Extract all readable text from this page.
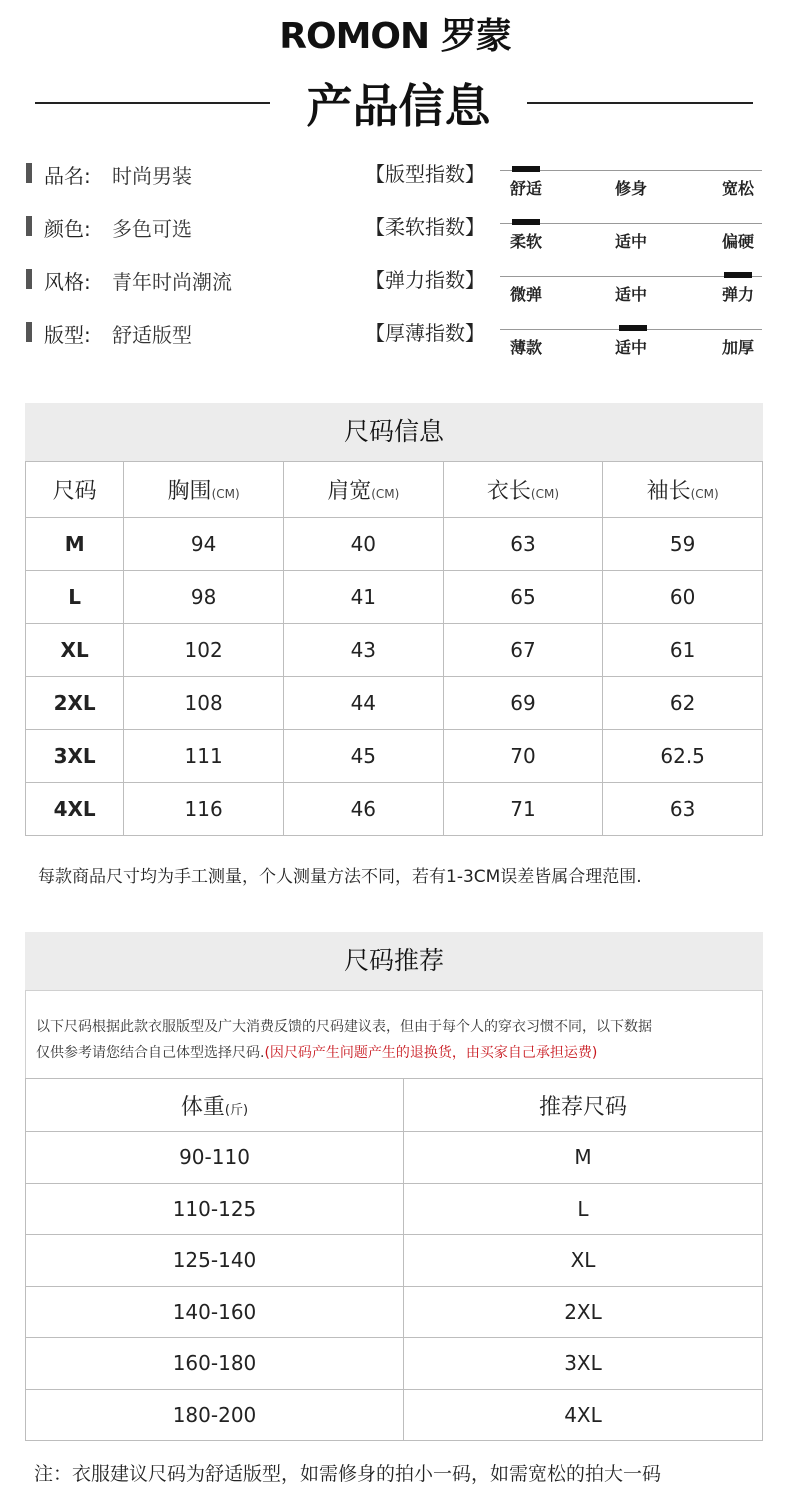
ROMON 罗蒙
产品信息
品名: 时尚男装	【版型指数】
舒适	修身	宽松
颜色: 多色可选	【柔软指数】
柔软	适中	偏硬
风格: 青年时尚潮流	【弹力指数】
微弹	适中	弹力
版型: 舒适版型	【厚薄指数】
薄款	适中	加厚
尺码信息
尺码	胸围(CM)	肩宽(CM)	衣长(CM)	袖长(CM)
M	94	40	63	59
L	98	41	65	60
XL	102	43	67	61
2XL	108	44	69	62
3XL	111	45	70	62.5
4XL	116	46	71	63
每款商品尺寸均为手工测量，个人测量方法不同，若有1-3CM误差皆属合理范围.
尺码推荐

以下尺码根据此款衣服版型及广大消费反馈的尺码建议表，但由于每个人的穿衣习惯不同，以下数据

仅供参考请您结合自己体型选择尺码.(因尺码产生问题产生的退换货，由买家自己承担运费)

体重(斤)	推荐尺码
90-110	M
110-125	L
125-140	XL
140-160	2XL
160-180	3XL
180-200	4XL
注：衣服建议尺码为舒适版型，如需修身的拍小一码，如需宽松的拍大一码
